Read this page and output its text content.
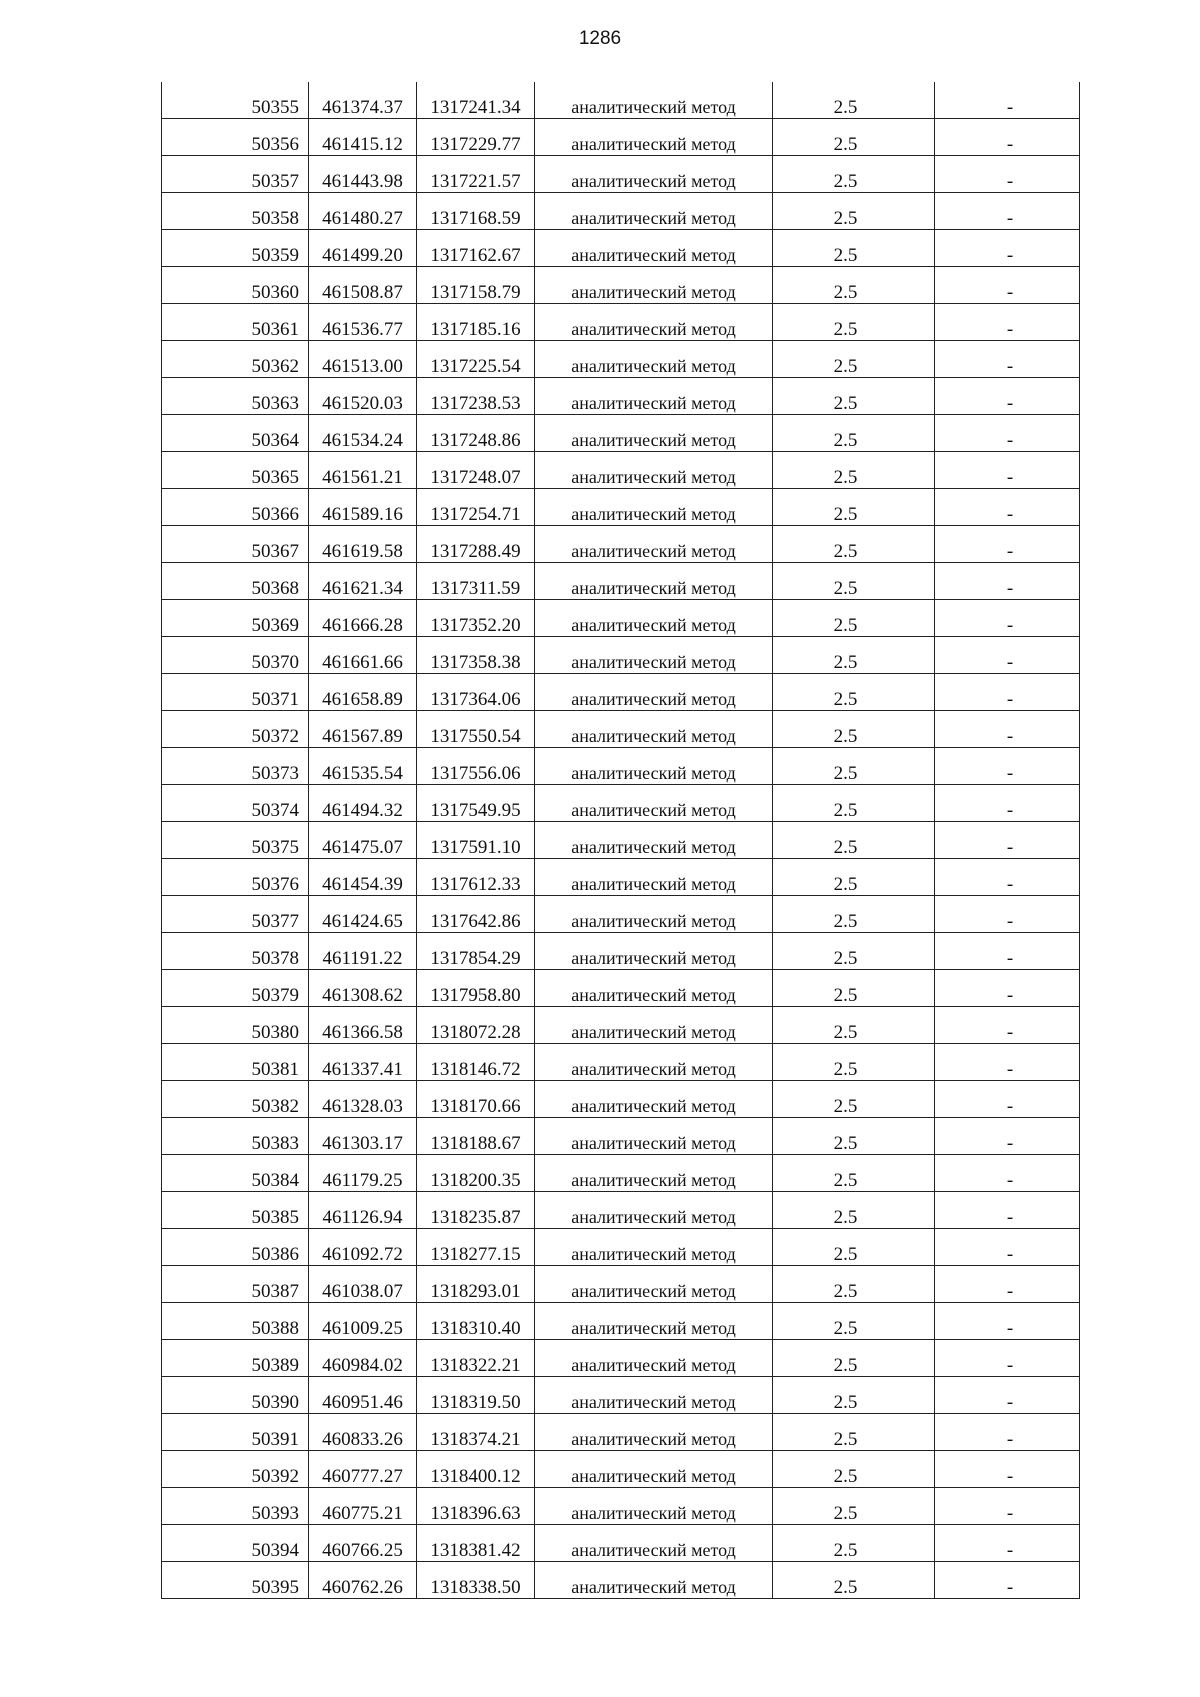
1286
50355	461374.37	1317241.34	аналитический метод	2.5	-
50356	461415.12	1317229.77	аналитический метод	2.5	-
50357	461443.98	1317221.57	аналитический метод	2.5	-
50358	461480.27	1317168.59	аналитический метод	2.5	-
50359	461499.20	1317162.67	аналитический метод	2.5	-
50360	461508.87	1317158.79	аналитический метод	2.5	-
50361	461536.77	1317185.16	аналитический метод	2.5	-
50362	461513.00	1317225.54	аналитический метод	2.5	-
50363	461520.03	1317238.53	аналитический метод	2.5	-
50364	461534.24	1317248.86	аналитический метод	2.5	-
50365	461561.21	1317248.07	аналитический метод	2.5	-
50366	461589.16	1317254.71	аналитический метод	2.5	-
50367	461619.58	1317288.49	аналитический метод	2.5	-
50368	461621.34	1317311.59	аналитический метод	2.5	-
50369	461666.28	1317352.20	аналитический метод	2.5	-
50370	461661.66	1317358.38	аналитический метод	2.5	-
50371	461658.89	1317364.06	аналитический метод	2.5	-
50372	461567.89	1317550.54	аналитический метод	2.5	-
50373	461535.54	1317556.06	аналитический метод	2.5	-
50374	461494.32	1317549.95	аналитический метод	2.5	-
50375	461475.07	1317591.10	аналитический метод	2.5	-
50376	461454.39	1317612.33	аналитический метод	2.5	-
50377	461424.65	1317642.86	аналитический метод	2.5	-
50378	461191.22	1317854.29	аналитический метод	2.5	-
50379	461308.62	1317958.80	аналитический метод	2.5	-
50380	461366.58	1318072.28	аналитический метод	2.5	-
50381	461337.41	1318146.72	аналитический метод	2.5	-
50382	461328.03	1318170.66	аналитический метод	2.5	-
50383	461303.17	1318188.67	аналитический метод	2.5	-
50384	461179.25	1318200.35	аналитический метод	2.5	-
50385	461126.94	1318235.87	аналитический метод	2.5	-
50386	461092.72	1318277.15	аналитический метод	2.5	-
50387	461038.07	1318293.01	аналитический метод	2.5	-
50388	461009.25	1318310.40	аналитический метод	2.5	-
50389	460984.02	1318322.21	аналитический метод	2.5	-
50390	460951.46	1318319.50	аналитический метод	2.5	-
50391	460833.26	1318374.21	аналитический метод	2.5	-
50392	460777.27	1318400.12	аналитический метод	2.5	-
50393	460775.21	1318396.63	аналитический метод	2.5	-
50394	460766.25	1318381.42	аналитический метод	2.5	-
50395	460762.26	1318338.50	аналитический метод	2.5	-
